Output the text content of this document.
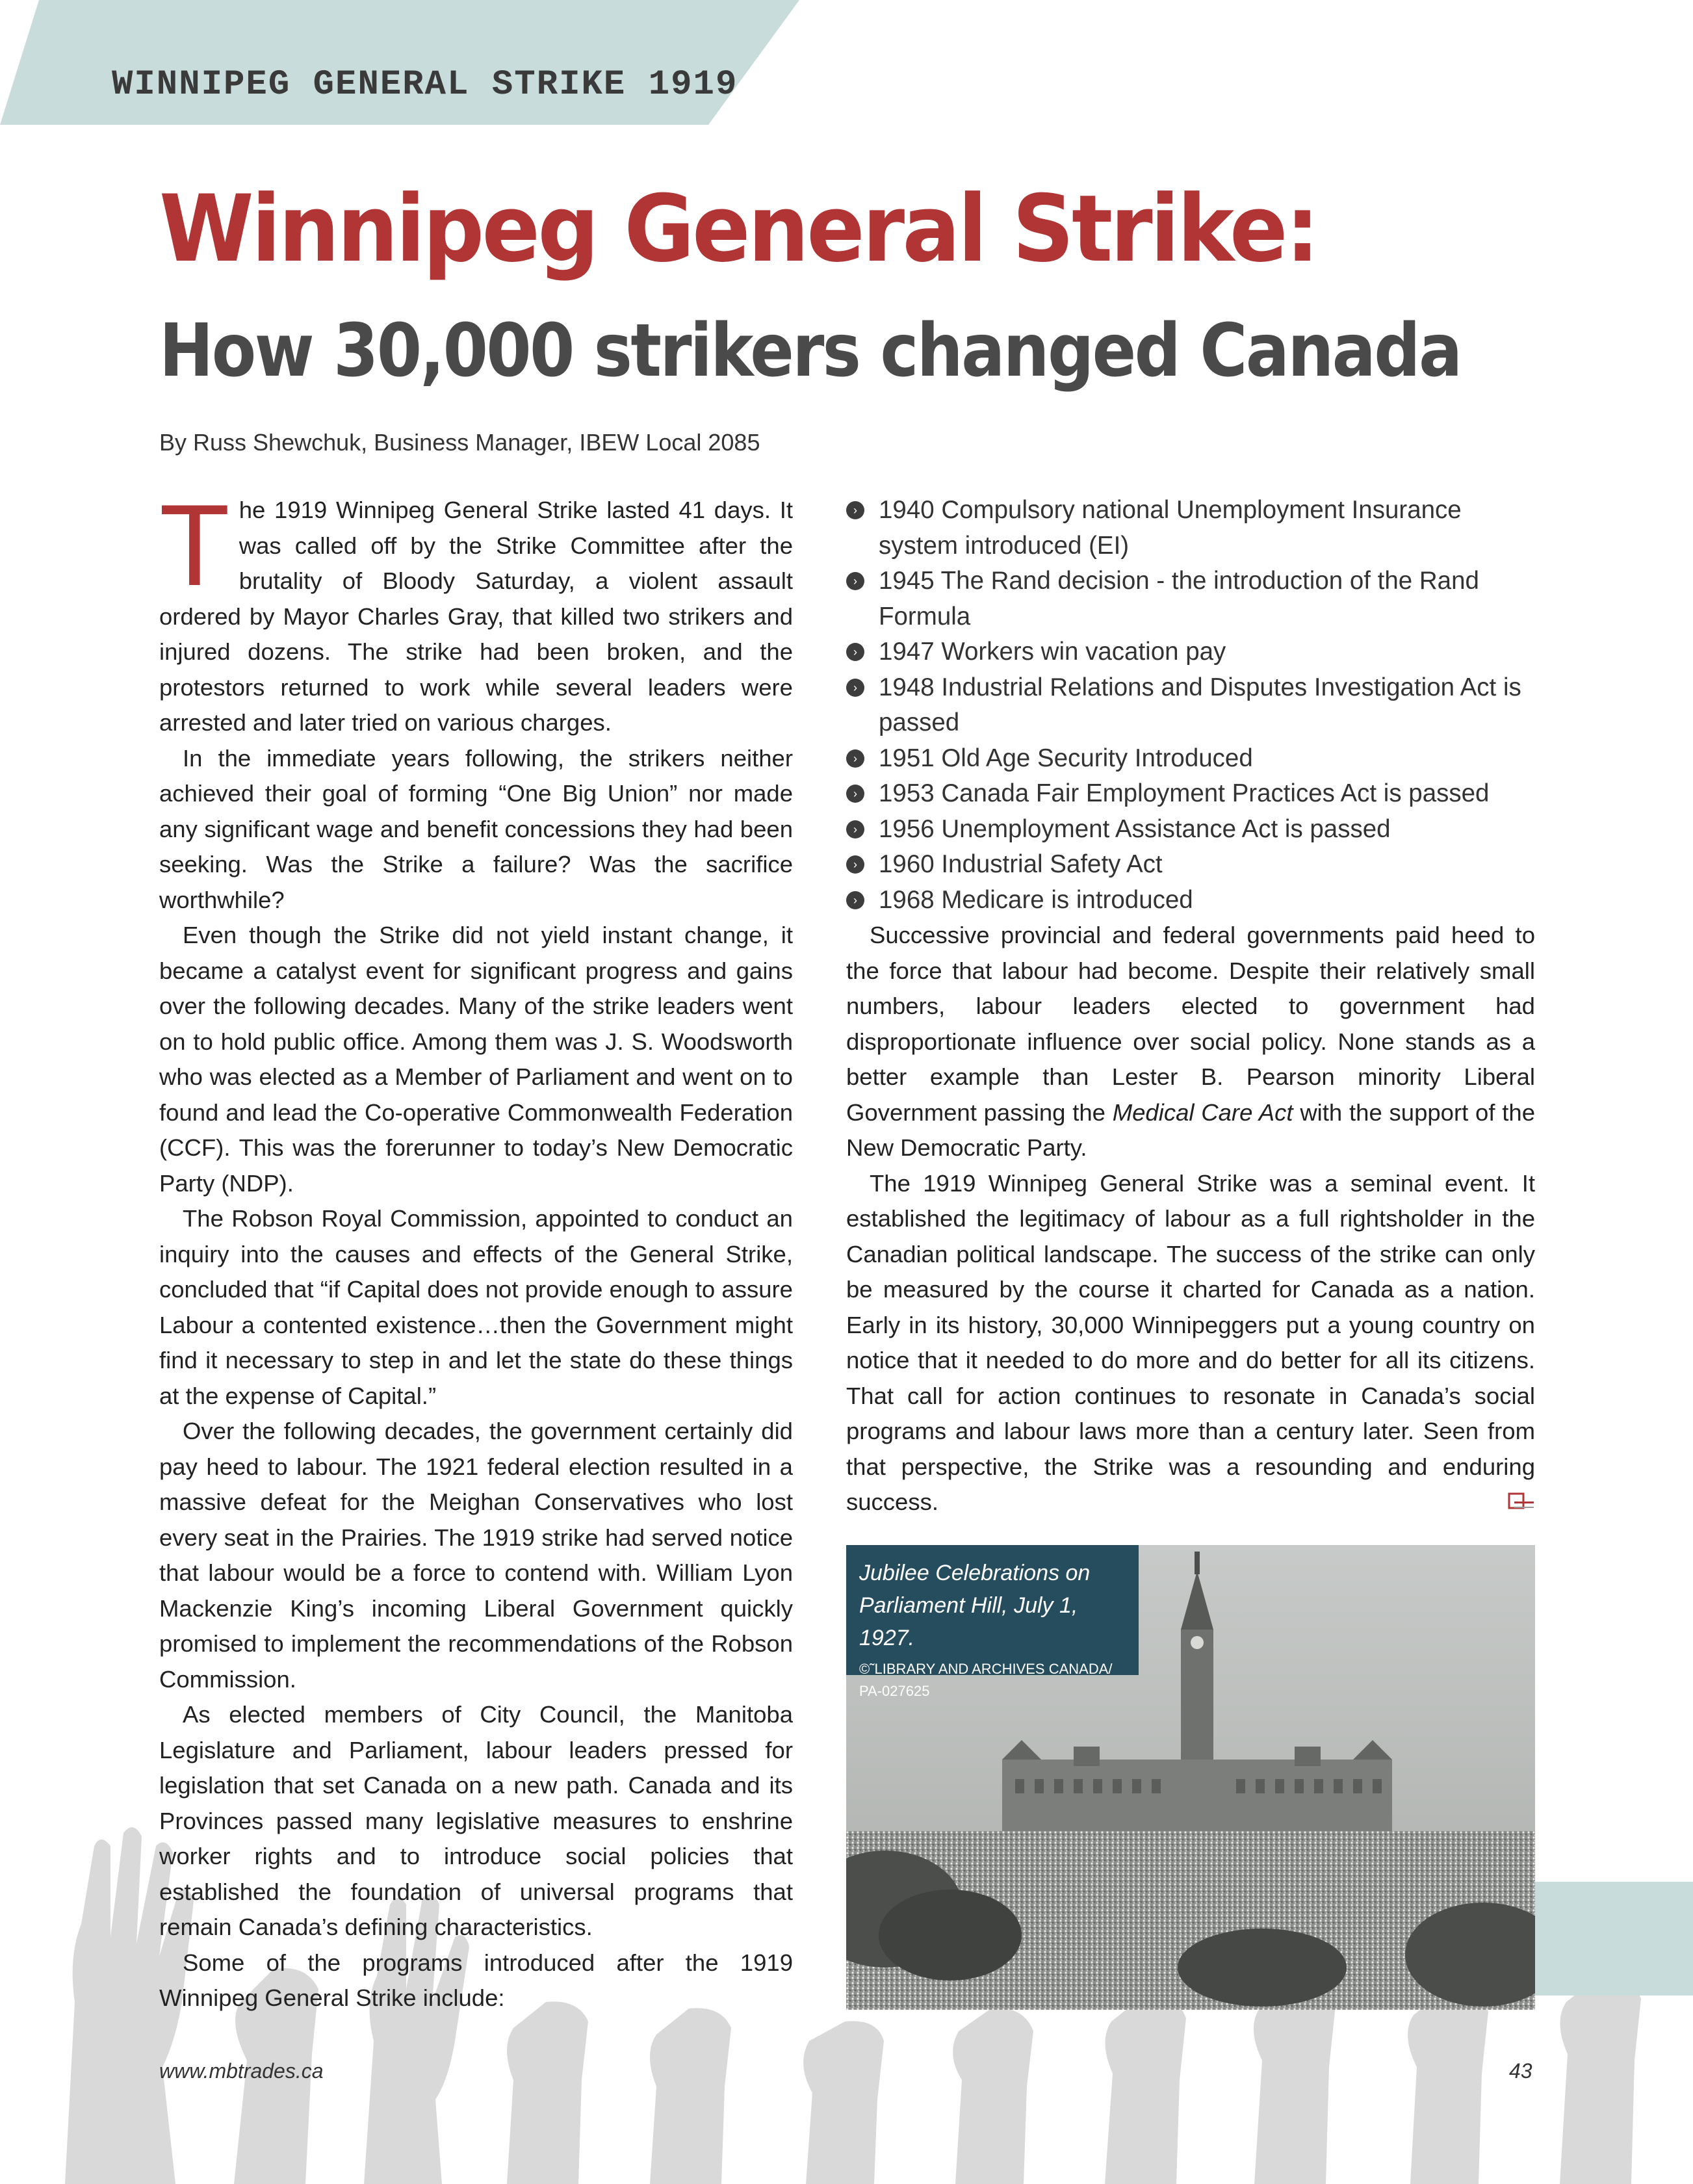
WINNIPEG GENERAL STRIKE 1919
Winnipeg General Strike:
How 30,000 strikers changed Canada
By Russ Shewchuk, Business Manager, IBEW Local 2085

The 1919 Winnipeg General Strike lasted 41 days. It was called off by the Strike Committee after the brutality of Bloody Saturday, a violent assault ordered by Mayor Charles Gray, that killed two strikers and injured dozens. The strike had been broken, and the protestors returned to work while several leaders were arrested and later tried on various charges.

In the immediate years following, the strikers neither achieved their goal of forming “One Big Union” nor made any significant wage and benefit concessions they had been seeking. Was the Strike a failure? Was the sacrifice worthwhile?

Even though the Strike did not yield instant change, it became a catalyst event for significant progress and gains over the following decades. Many of the strike leaders went on to hold public office. Among them was J. S. Woodsworth who was elected as a Member of Parliament and went on to found and lead the Co-operative Commonwealth Federation (CCF). This was the forerunner to today’s New Democratic Party (NDP).

The Robson Royal Commission, appointed to conduct an inquiry into the causes and effects of the General Strike, concluded that “if Capital does not provide enough to assure Labour a contented existence…then the Government might find it necessary to step in and let the state do these things at the expense of Capital.”

Over the following decades, the government certainly did pay heed to labour. The 1921 federal election resulted in a massive defeat for the Meighan Conservatives who lost every seat in the Prairies. The 1919 strike had served notice that labour would be a force to contend with. William Lyon Mackenzie King’s incoming Liberal Government quickly promised to implement the recommendations of the Robson Commission.

As elected members of City Council, the Manitoba Legislature and Parliament, labour leaders pressed for legislation that set Canada on a new path. Canada and its Provinces passed many legislative measures to enshrine worker rights and to introduce social policies that established the foundation of universal programs that remain Canada’s defining characteristics.

Some of the programs introduced after the 1919 Winnipeg General Strike include:

› 1940 Compulsory national Unemployment Insurance system introduced (EI)
› 1945 The Rand decision - the introduction of the Rand Formula
› 1947 Workers win vacation pay
› 1948 Industrial Relations and Disputes Investigation Act is passed
› 1951 Old Age Security Introduced
› 1953 Canada Fair Employment Practices Act is passed
› 1956 Unemployment Assistance Act is passed
› 1960 Industrial Safety Act
› 1968 Medicare is introduced

Successive provincial and federal governments paid heed to the force that labour had become. Despite their relatively small numbers, labour leaders elected to government had disproportionate influence over social policy. None stands as a better example than Lester B. Pearson minority Liberal Government passing the Medical Care Act with the support of the New Democratic Party.

The 1919 Winnipeg General Strike was a seminal event. It established the legitimacy of labour as a full rightsholder in the Canadian political landscape. The success of the strike can only be measured by the course it charted for Canada as a nation. Early in its history, 30,000 Winnipeggers put a young country on notice that it needed to do more and do better for all its citizens. That call for action continues to resonate in Canada’s social programs and labour laws more than a century later. Seen from that perspective, the Strike was a resounding and enduring success.

Jubilee Celebrations on
Parliament Hill, July 1, 1927.
©˜LIBRARY AND ARCHIVES CANADA/
PA-027625
www.mbtrades.ca	43
